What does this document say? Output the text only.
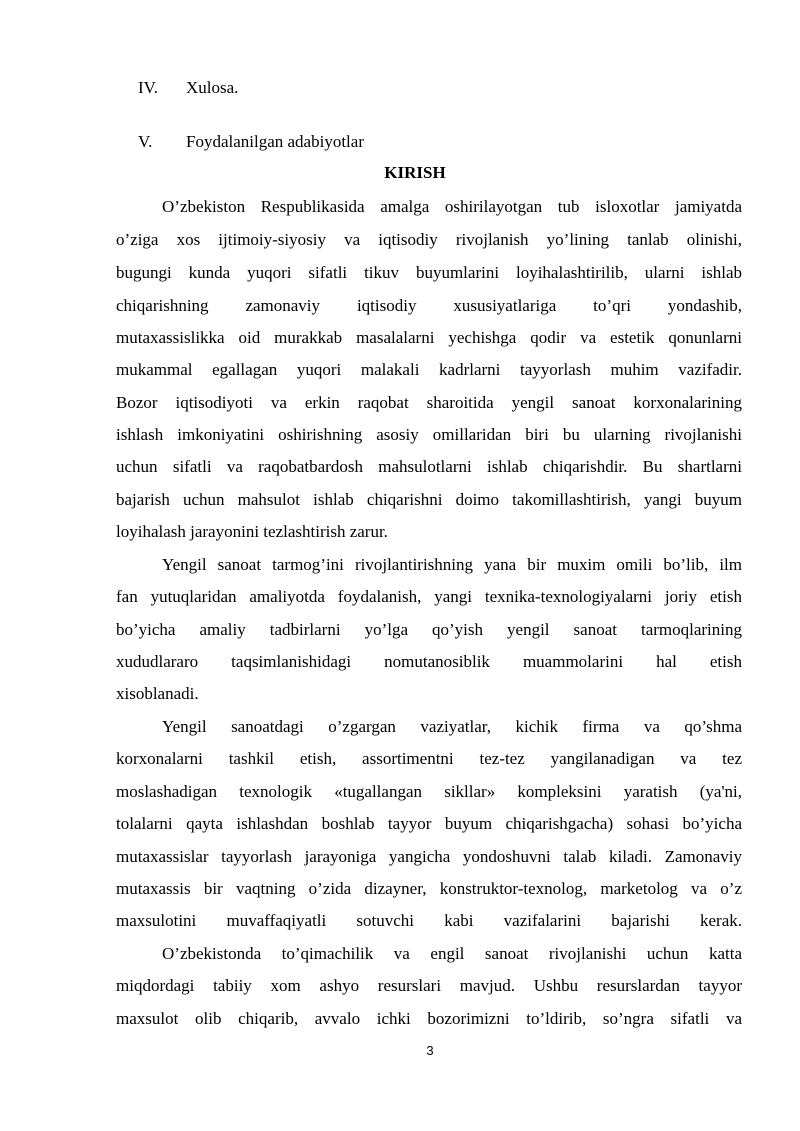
IV. Xulosa.
V. Foydalanilgan adabiyotlar
KIRISH
O’zbekiston Respublikasida amalga oshirilayotgan tub isloxotlar jamiyatda
o’ziga xos ijtimoiy-siyosiy va iqtisodiy rivojlanish yo’lining tanlab olinishi,
bugungi kunda yuqori sifatli tikuv buyumlarini loyihalashtirilib, ularni ishlab
chiqarishning zamonaviy iqtisodiy xususiyatlariga to’qri yondashib,
mutaxassislikka oid murakkab masalalarni yechishga qodir va estetik qonunlarni
mukammal egallagan yuqori malakali kadrlarni tayyorlash muhim vazifadir.
Bozor iqtisodiyoti va erkin raqobat sharoitida yengil sanoat korxonalarining
ishlash imkoniyatini oshirishning asosiy omillaridan biri bu ularning rivojlanishi
uchun sifatli va raqobatbardosh mahsulotlarni ishlab chiqarishdir. Bu shartlarni
bajarish uchun mahsulot ishlab chiqarishni doimo takomillashtirish, yangi buyum
loyihalash jarayonini tezlashtirish zarur.
Yengil sanoat tarmog’ini rivojlantirishning yana bir muxim omili bo’lib, ilm
fan yutuqlaridan amaliyotda foydalanish, yangi texnika-texnologiyalarni joriy etish
bo’yicha amaliy tadbirlarni yo’lga qo’yish yengil sanoat tarmoqlarining
xududlararo taqsimlanishidagi nomutanosiblik muammolarini hal etish
xisoblanadi.
Yengil sanoatdagi o’zgargan vaziyatlar, kichik firma va qo’shma
korxonalarni tashkil etish, assortimentni tez-tez yangilanadigan va tez
moslashadigan texnologik «tugallangan sikllar» kompleksini yaratish (ya'ni,
tolalarni qayta ishlashdan boshlab tayyor buyum chiqarishgacha) sohasi bo’yicha
mutaxassislar tayyorlash jarayoniga yangicha yondoshuvni talab kiladi. Zamonaviy
mutaxassis bir vaqtning o’zida dizayner, konstruktor-texnolog, marketolog va o’z
maxsulotini muvaffaqiyatli sotuvchi kabi vazifalarini bajarishi kerak.
O’zbekistonda to’qimachilik va engil sanoat rivojlanishi uchun katta
miqdordagi tabiiy xom ashyo resurslari mavjud. Ushbu resurslardan tayyor
maxsulot olib chiqarib, avvalo ichki bozorimizni to’ldirib, so’ngra sifatli va
3
